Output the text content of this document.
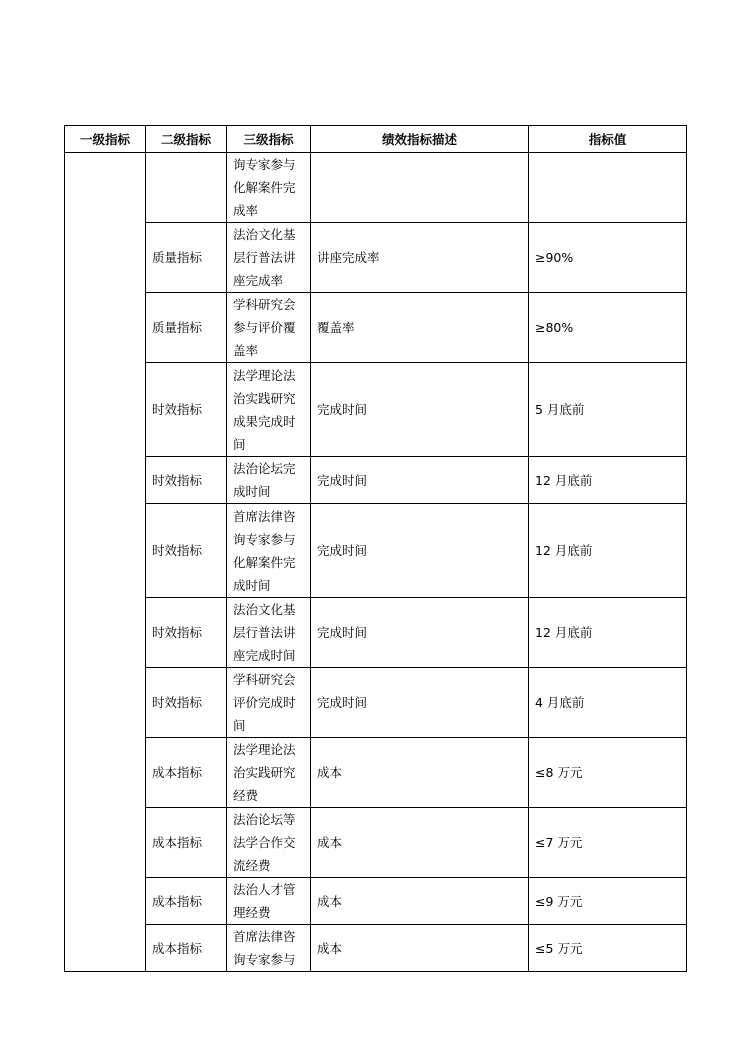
一级指标	二级指标	三级指标	绩效指标描述	指标值
		询专家参与
化解案件完
成率		
	质量指标	法治文化基
层行普法讲
座完成率	讲座完成率	≥90%
	质量指标	学科研究会
参与评价覆
盖率	覆盖率	≥80%
	时效指标	法学理论法
治实践研究
成果完成时
间	完成时间	5 月底前
	时效指标	法治论坛完
成时间	完成时间	12 月底前
	时效指标	首席法律咨
询专家参与
化解案件完
成时间	完成时间	12 月底前
	时效指标	法治文化基
层行普法讲
座完成时间	完成时间	12 月底前
	时效指标	学科研究会
评价完成时
间	完成时间	4 月底前
	成本指标	法学理论法
治实践研究
经费	成本	≤8 万元
	成本指标	法治论坛等
法学合作交
流经费	成本	≤7 万元
	成本指标	法治人才管
理经费	成本	≤9 万元
	成本指标	首席法律咨
询专家参与	成本	≤5 万元
